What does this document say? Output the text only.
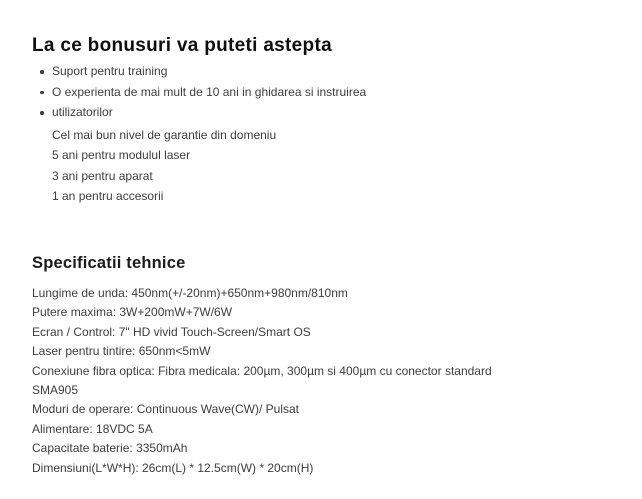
La ce bonusuri va puteti astepta
Suport pentru training
O experienta de mai mult de 10 ani in ghidarea si instruirea
utilizatorilor
Cel mai bun nivel de garantie din domeniu
5 ani pentru modulul laser
3 ani pentru aparat
1 an pentru accesorii
Specificatii tehnice
Lungime de unda: 450nm(+/-20nm)+650nm+980nm/810nm
Putere maxima: 3W+200mW+7W/6W
Ecran / Control: 7" HD vivid Touch-Screen/Smart OS
Laser pentru tintire: 650nm<5mW
Conexiune fibra optica: Fibra medicala: 200µm, 300µm si 400µm cu conector standard
SMA905
Moduri de operare: Continuous Wave(CW)/ Pulsat
Alimentare: 18VDC 5A
Capacitate baterie: 3350mAh
Dimensiuni(L*W*H): 26cm(L) * 12.5cm(W) * 20cm(H)
